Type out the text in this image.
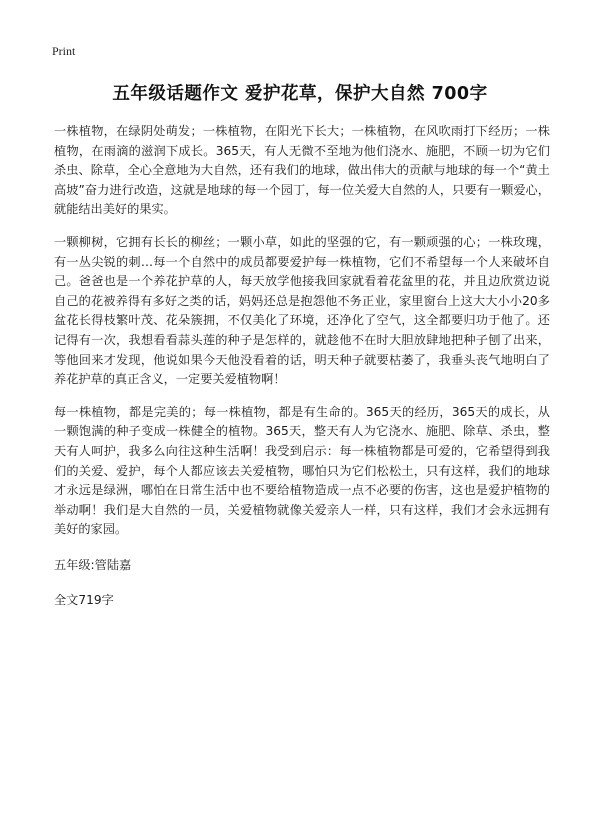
Print
五年级话题作文 爱护花草，保护大自然 700字

一株植物，在绿阴处萌发；一株植物，在阳光下长大；一株植物，在风吹雨打下经历；一株植物，在雨滴的滋润下成长。365天，有人无微不至地为他们浇水、施肥，不顾一切为它们杀虫、除草，全心全意地为大自然，还有我们的地球，做出伟大的贡献与地球的每一个“黄土高坡”奋力进行改造，这就是地球的每一个园丁，每一位关爱大自然的人，只要有一颗爱心，就能结出美好的果实。

一颗柳树，它拥有长长的柳丝；一颗小草，如此的坚强的它，有一颗顽强的心；一株玫瑰，有一丛尖锐的刺…每一个自然中的成员都要爱护每一株植物，它们不希望每一个人来破坏自己。爸爸也是一个养花护草的人，每天放学他接我回家就看着花盆里的花，并且边欣赏边说自己的花被养得有多好之类的话，妈妈还总是抱怨他不务正业，家里窗台上这大大小小20多盆花长得枝繁叶茂、花朵簇拥，不仅美化了环境，还净化了空气，这全都要归功于他了。还记得有一次，我想看看蒜头莲的种子是怎样的，就趁他不在时大胆放肆地把种子刨了出来，等他回来才发现，他说如果今天他没看着的话，明天种子就要枯萎了，我垂头丧气地明白了养花护草的真正含义，一定要关爱植物啊！

每一株植物，都是完美的；每一株植物，都是有生命的。365天的经历，365天的成长，从一颗饱满的种子变成一株健全的植物。365天，整天有人为它浇水、施肥、除草、杀虫，整天有人呵护，我多么向往这种生活啊！我受到启示：每一株植物都是可爱的，它希望得到我们的关爱、爱护，每个人都应该去关爱植物，哪怕只为它们松松土，只有这样，我们的地球才永远是绿洲，哪怕在日常生活中也不要给植物造成一点不必要的伤害，这也是爱护植物的举动啊！我们是大自然的一员，关爱植物就像关爱亲人一样，只有这样，我们才会永远拥有美好的家园。

五年级:管陆嘉

全文719字
